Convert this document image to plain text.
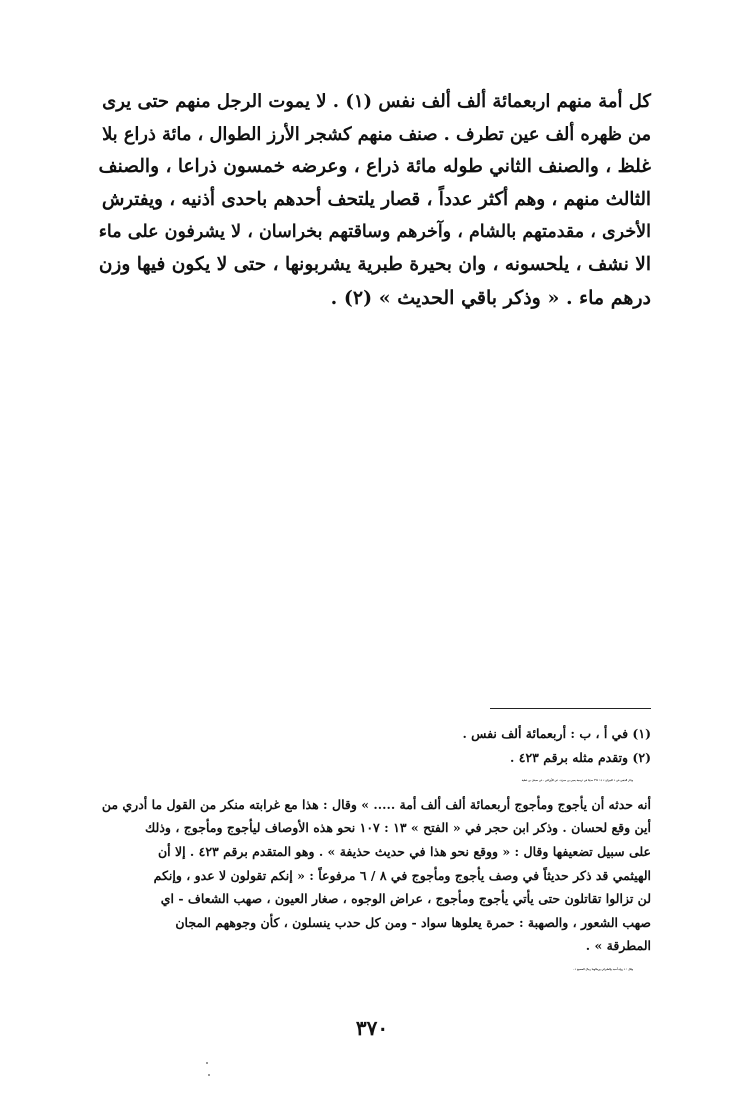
كل أمة منهم اربعمائة ألف ألف نفس (١) . لا يموت الرجل منهم حتى يرى
من ظهره ألف عين تطرف . صنف منهم كشجر الأرز الطوال ، مائة ذراع بلا
غلظ ، والصنف الثاني طوله مائة ذراع ، وعرضه خمسون ذراعا ، والصنف
الثالث منهم ، وهم أكثر عدداً ، قصار يلتحف أحدهم باحدى أذنيه ، ويفترش
الأخرى ، مقدمتهم بالشام ، وآخرهم وساقتهم بخراسان ، لا يشرفون على ماء
الا نشف ، يلحسونه ، وان بحيرة طبرية يشربونها ، حتى لا يكون فيها وزن
درهم ماء . « وذكر باقي الحديث » (٢) .
(١) في أ ، ب : أربعمائة ألف نفس .
(٢) وتقدم مثله برقم ٤٢٣ .
وذكر الذهبي في « الميزان » ٤ : ٣٦٩ حديثا في ترجمة يحيى بن حمزة ، عن الأوزاعي ، عن حسان بن عطية
أنه حدثه أن يأجوج ومأجوج أربعمائة ألف ألف أمة ..... » وقال : هذا مع غرابته منكر من القول ما أدري من
أين وقع لحسان . وذكر ابن حجر في « الفتح » ١٣ : ١٠٧ نحو هذه الأوصاف ليأجوج ومأجوج ، وذلك
على سبيل تضعيفها وقال : « ووقع نحو هذا في حديث حذيفة » . وهو المتقدم برقم ٤٢٣ . إلا أن
الهيثمي قد ذكر حديثاً في وصف يأجوج ومأجوج في ٨ / ٦ مرفوعاً : « إنكم تقولون لا عدو ، وإنكم
لن تزالوا تقاتلون حتى يأتي يأجوج ومأجوج ، عراض الوجوه ، صغار العيون ، صهب الشعاف - اي
صهب الشعور ، والصهبة : حمرة يعلوها سواد - ومن كل حدب ينسلون ، كأن وجوههم المجان
المطرقة » .
وقال : « رواه أحمد والطبراني ورجالهما رجال الصحيح » .
٣٧٠
